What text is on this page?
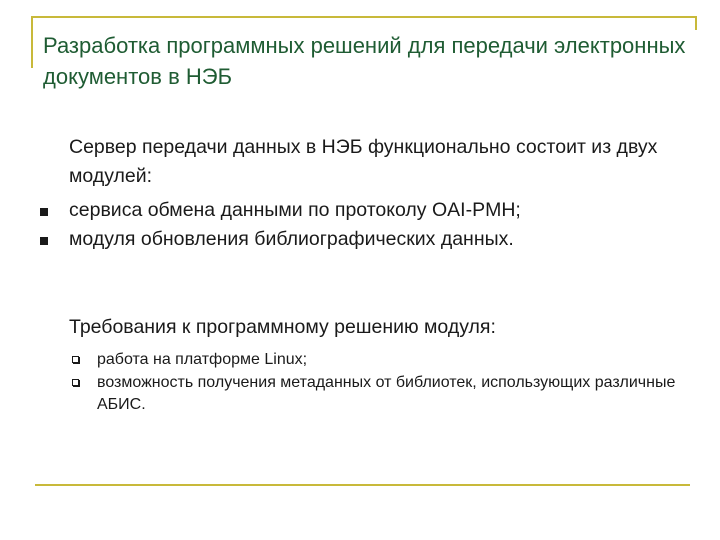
Разработка программных решений для передачи электронных документов в НЭБ

Сервер передачи данных в НЭБ функционально состоит из двух модулей:

сервиса обмена данными по протоколу OAI-PMH;
модуля обновления библиографических данных.

Требования к программному решению модуля:

работа на платформе Linux;
возможность получения метаданных от библиотек, использующих различные АБИС.
